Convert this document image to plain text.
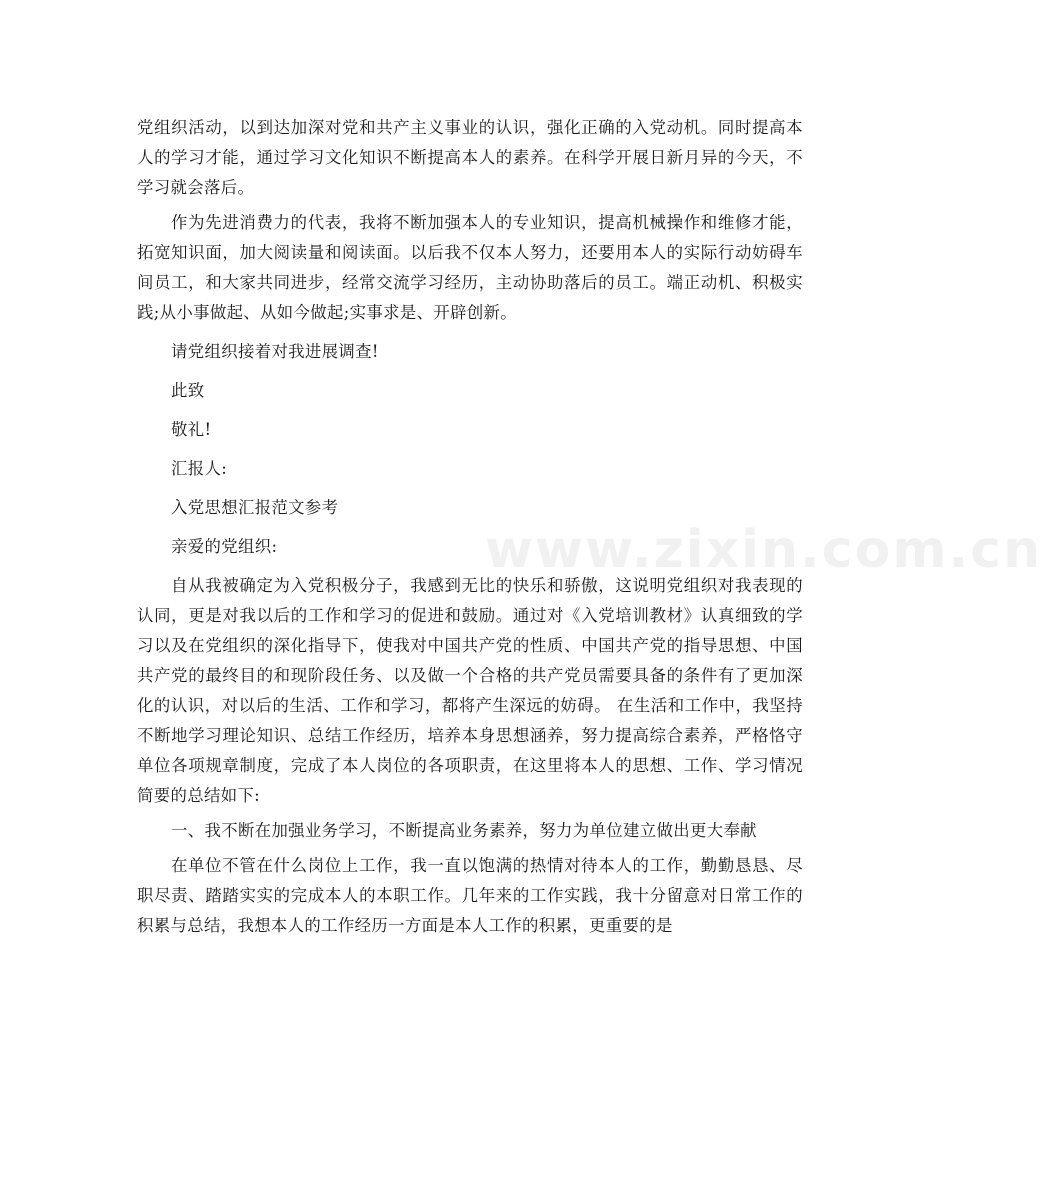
www.zixin.com.cn

党组织活动，以到达加深对党和共产主义事业的认识，强化正确的入党动机。同时提高本人的学习才能，通过学习文化知识不断提高本人的素养。在科学开展日新月异的今天，不学习就会落后。

作为先进消费力的代表，我将不断加强本人的专业知识，提高机械操作和维修才能，拓宽知识面，加大阅读量和阅读面。以后我不仅本人努力，还要用本人的实际行动妨碍车间员工，和大家共同进步，经常交流学习经历，主动协助落后的员工。端正动机、积极实践;从小事做起、从如今做起;实事求是、开辟创新。

请党组织接着对我进展调查!

此致

敬礼!

汇报人:

入党思想汇报范文参考

亲爱的党组织:

自从我被确定为入党积极分子，我感到无比的快乐和骄傲，这说明党组织对我表现的认同，更是对我以后的工作和学习的促进和鼓励。通过对《入党培训教材》认真细致的学习以及在党组织的深化指导下，使我对中国共产党的性质、中国共产党的指导思想、中国共产党的最终目的和现阶段任务、以及做一个合格的共产党员需要具备的条件有了更加深化的认识，对以后的生活、工作和学习，都将产生深远的妨碍。 在生活和工作中，我坚持不断地学习理论知识、总结工作经历，培养本身思想涵养，努力提高综合素养，严格恪守单位各项规章制度，完成了本人岗位的各项职责，在这里将本人的思想、工作、学习情况简要的总结如下:

一、我不断在加强业务学习，不断提高业务素养，努力为单位建立做出更大奉献

在单位不管在什么岗位上工作，我一直以饱满的热情对待本人的工作，勤勤恳恳、尽职尽责、踏踏实实的完成本人的本职工作。几年来的工作实践，我十分留意对日常工作的积累与总结，我想本人的工作经历一方面是本人工作的积累，更重要的是
